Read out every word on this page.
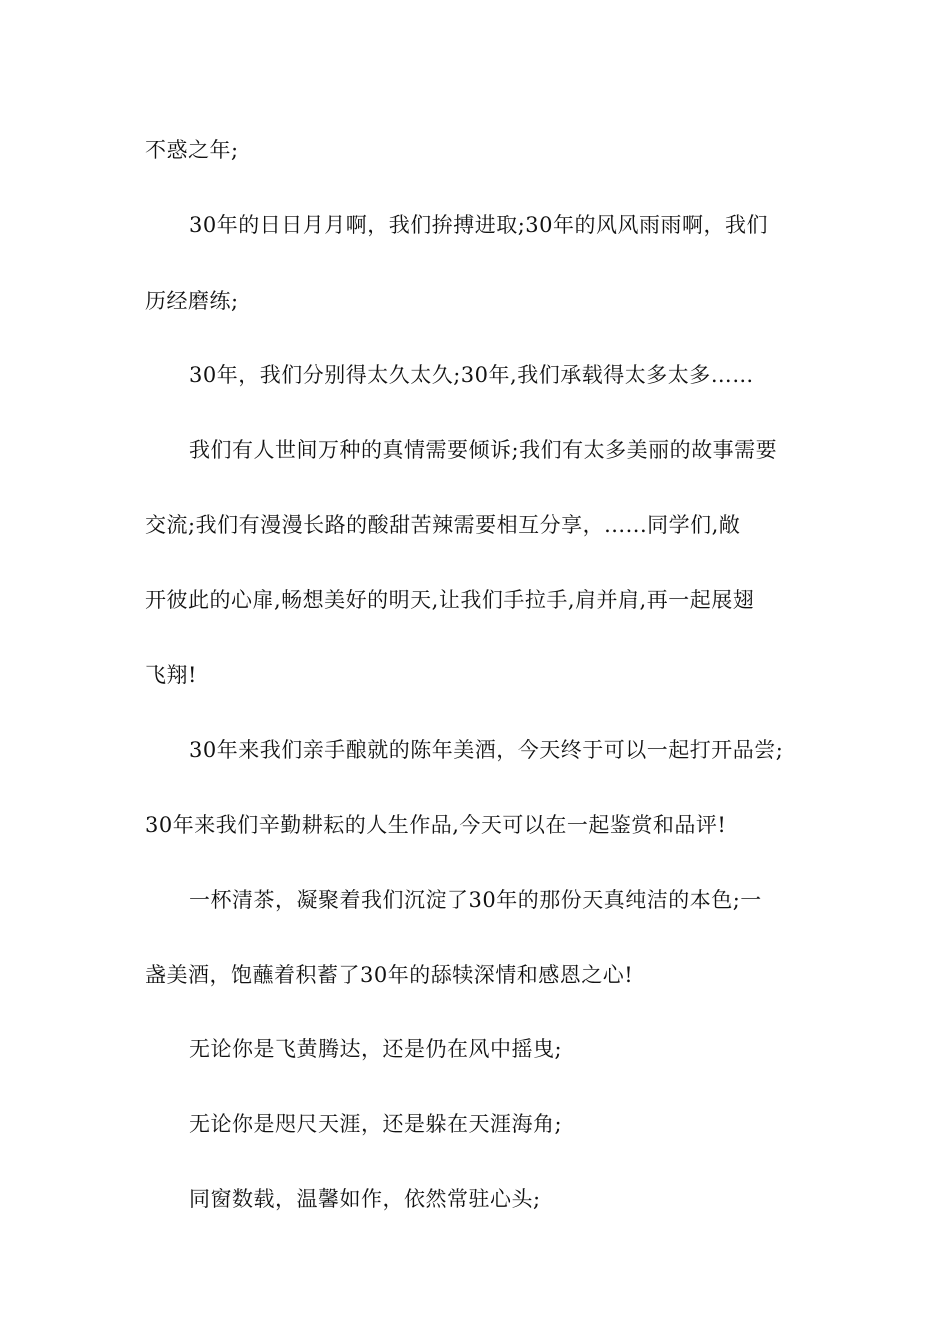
不惑之年;
30年的日日月月啊，我们拚搏进取;30年的风风雨雨啊，我们
历经磨练;
30年，我们分别得太久太久;30年,我们承载得太多太多……
我们有人世间万种的真情需要倾诉;我们有太多美丽的故事需要
交流;我们有漫漫长路的酸甜苦辣需要相互分享，......同学们,敞
开彼此的心扉,畅想美好的明天,让我们手拉手,肩并肩,再一起展翅
飞翔!
30年来我们亲手酿就的陈年美酒，今天终于可以一起打开品尝;
30年来我们辛勤耕耘的人生作品,今天可以在一起鉴赏和品评!
一杯清茶，凝聚着我们沉淀了30年的那份天真纯洁的本色;一
盏美酒，饱蘸着积蓄了30年的舔犊深情和感恩之心!
无论你是飞黄腾达，还是仍在风中摇曳;
无论你是咫尺天涯，还是躲在天涯海角;
同窗数载，温馨如作，依然常驻心头;
